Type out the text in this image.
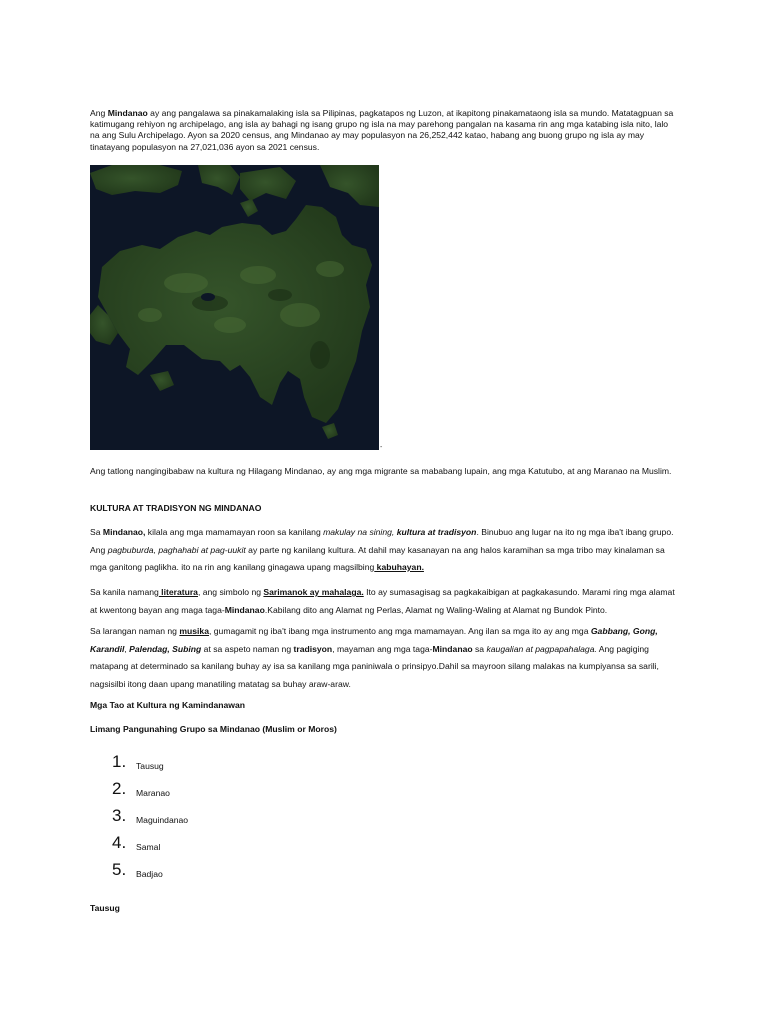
Ang Mindanao ay ang pangalawa sa pinakamalaking isla sa Pilipinas, pagkatapos ng Luzon, at ikapitong pinakamataong isla sa mundo. Matatagpuan sa katimugang rehiyon ng archipelago, ang isla ay bahagi ng isang grupo ng isla na may parehong pangalan na kasama rin ang mga katabing isla nito, lalo na ang Sulu Archipelago. Ayon sa 2020 census, ang Mindanao ay may populasyon na 26,252,442 katao, habang ang buong grupo ng isla ay may tinatayang populasyon na 27,021,036 ayon sa 2021 census.

-

Ang tatlong nangingibabaw na kultura ng Hilagang Mindanao, ay ang mga migrante sa mababang lupain, ang mga Katutubo, at ang Maranao na Muslim.

KULTURA AT TRADISYON NG MINDANAO

Sa Mindanao, kilala ang mga mamamayan roon sa kanilang makulay na sining, kultura at tradisyon. Binubuo ang lugar na ito ng mga iba't ibang grupo. Ang pagbuburda, paghahabi at pag-uukit ay parte ng kanilang kultura. At dahil may kasanayan na ang halos karamihan sa mga tribo may kinalaman sa mga ganitong paglikha. ito na rin ang kanilang ginagawa upang magsilbing kabuhayan.

Sa kanila namang literatura, ang simbolo ng Sarimanok ay mahalaga. Ito ay sumasagisag sa pagkakaibigan at pagkakasundo. Marami ring mga alamat at kwentong bayan ang maga taga-Mindanao.Kabilang dito ang Alamat ng Perlas, Alamat ng Waling-Waling at Alamat ng Bundok Pinto.

Sa larangan naman ng musika, gumagamit ng iba't ibang mga instrumento ang mga mamamayan. Ang ilan sa mga ito ay ang mga Gabbang, Gong, Karandil, Palendag, Subing at sa aspeto naman ng tradisyon, mayaman ang mga taga-Mindanao sa kaugalian at pagpapahalaga. Ang pagiging matapang at determinado sa kanilang buhay ay isa sa kanilang mga paniniwala o prinsipyo.Dahil sa mayroon silang malakas na kumpiyansa sa sarili, nagsisilbi itong daan upang manatiling matatag sa buhay araw-araw.

Mga Tao at Kultura ng Kamindanawan

Limang Pangunahing Grupo sa Mindanao (Muslim or Moros)

1. Tausug
2. Maranao
3. Maguindanao
4. Samal
5. Badjao

Tausug
